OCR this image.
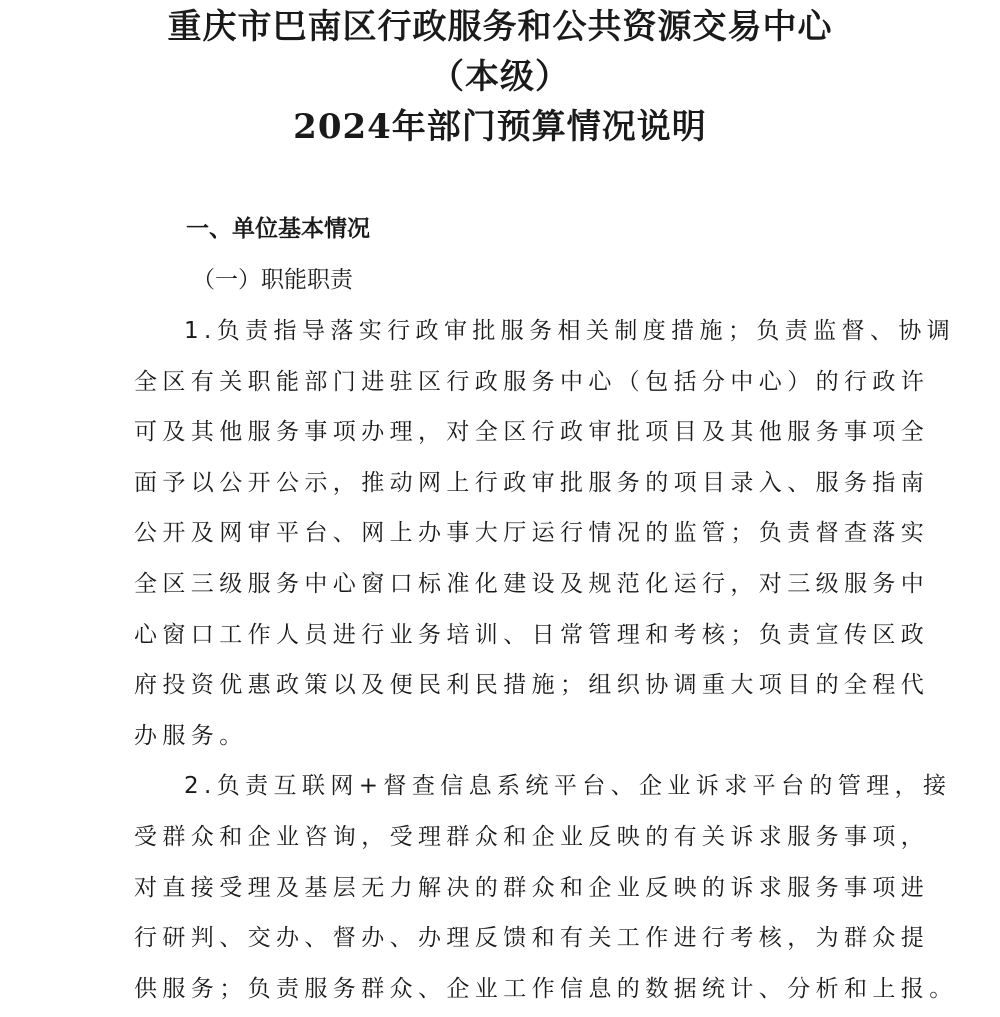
重庆市巴南区行政服务和公共资源交易中心
（本级）
2024年部门预算情况说明
一、单位基本情况
（一）职能职责
1.负责指导落实行政审批服务相关制度措施；负责监督、协调
全区有关职能部门进驻区行政服务中心（包括分中心）的行政许
可及其他服务事项办理，对全区行政审批项目及其他服务事项全
面予以公开公示，推动网上行政审批服务的项目录入、服务指南
公开及网审平台、网上办事大厅运行情况的监管；负责督查落实
全区三级服务中心窗口标准化建设及规范化运行，对三级服务中
心窗口工作人员进行业务培训、日常管理和考核；负责宣传区政
府投资优惠政策以及便民利民措施；组织协调重大项目的全程代
办服务。
2.负责互联网+督查信息系统平台、企业诉求平台的管理，接
受群众和企业咨询，受理群众和企业反映的有关诉求服务事项，
对直接受理及基层无力解决的群众和企业反映的诉求服务事项进
行研判、交办、督办、办理反馈和有关工作进行考核，为群众提
供服务；负责服务群众、企业工作信息的数据统计、分析和上报。
